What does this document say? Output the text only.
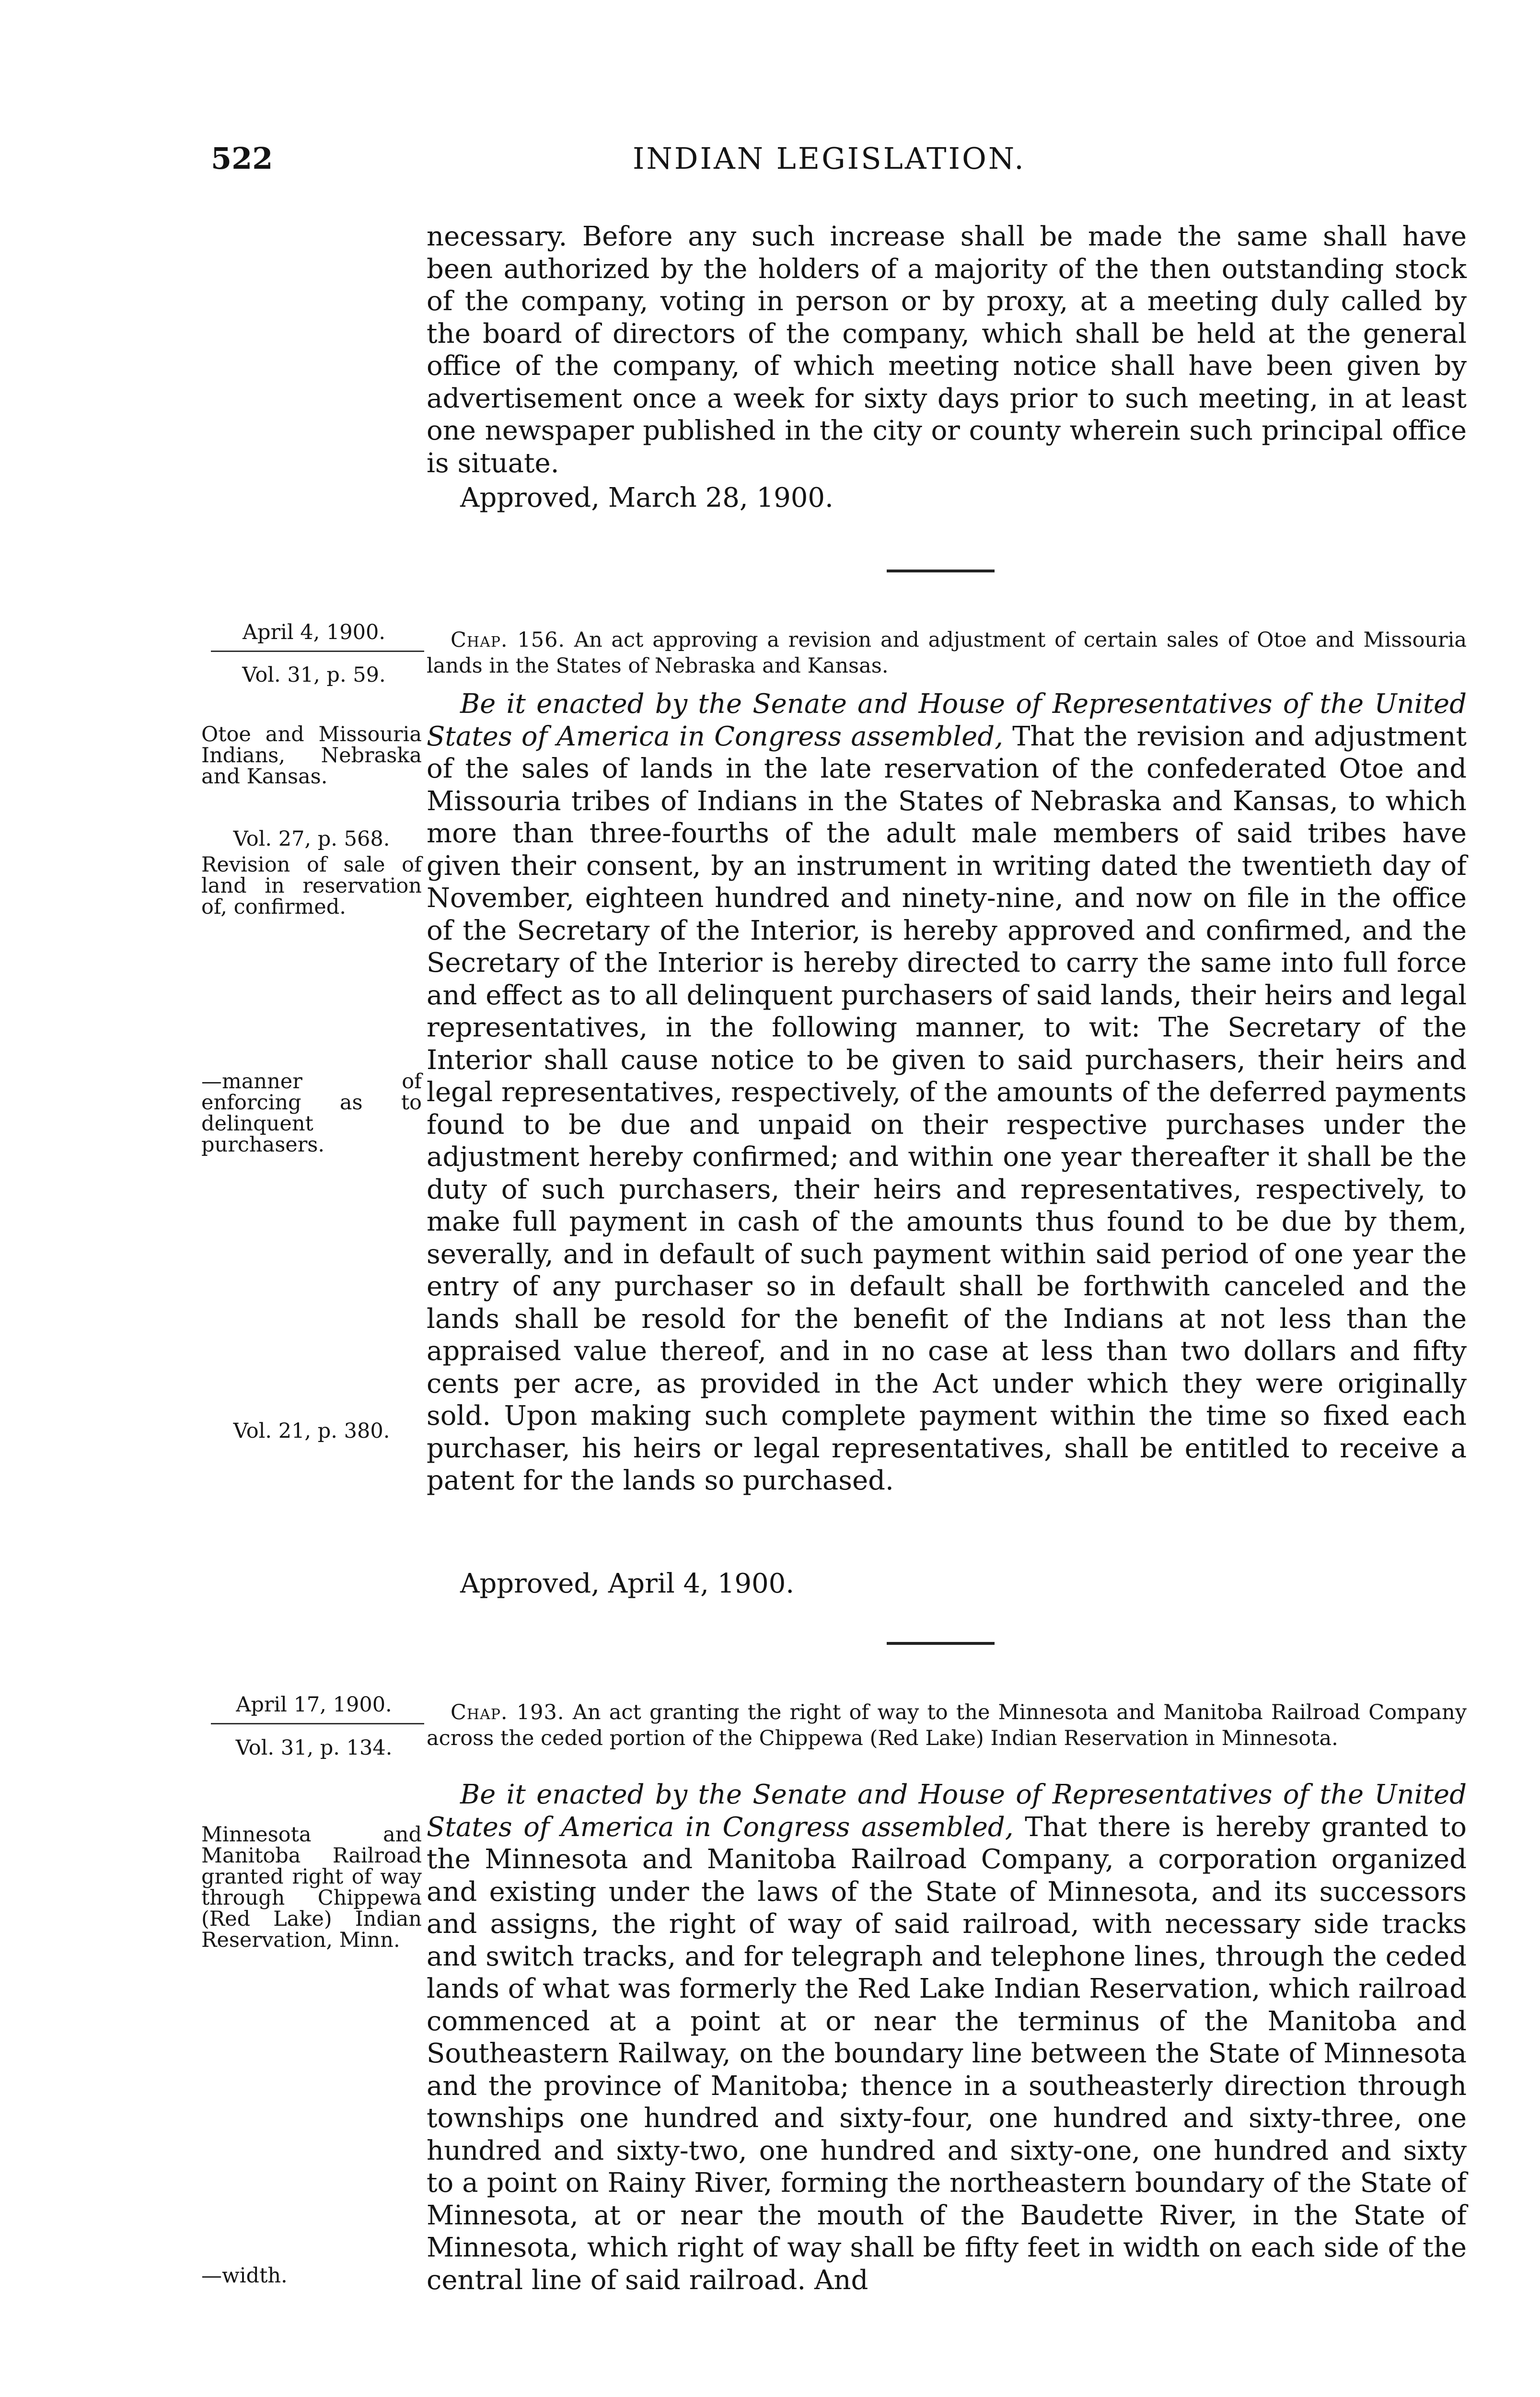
522	INDIAN LEGISLATION.

necessary. Before any such increase shall be made the same shall have been authorized by the holders of a majority of the then outstanding stock of the company, voting in person or by proxy, at a meeting duly called by the board of directors of the company, which shall be held at the general office of the company, of which meeting notice shall have been given by advertisement once a week for sixty days prior to such meeting, in at least one newspaper published in the city or county wherein such principal office is situate.

Approved, March 28, 1900.
April 4, 1900.
Vol. 31, p. 59.
Chap. 156. An act approving a revision and adjustment of certain sales of Otoe and Missouria lands in the States of Nebraska and Kansas.

Be it enacted by the Senate and House of Representatives of the United States of America in Congress assembled, That the revision and adjustment of the sales of lands in the late reservation of the confederated Otoe and Missouria tribes of Indians in the States of Nebraska and Kansas, to which more than three-fourths of the adult male members of said tribes have given their consent, by an instrument in writing dated the twentieth day of November, eighteen hundred and ninety-nine, and now on file in the office of the Secretary of the Interior, is hereby approved and confirmed, and the Secretary of the Interior is hereby directed to carry the same into full force and effect as to all delinquent purchasers of said lands, their heirs and legal representatives, in the following manner, to wit: The Secretary of the Interior shall cause notice to be given to said purchasers, their heirs and legal representatives, respectively, of the amounts of the deferred payments found to be due and unpaid on their respective purchases under the adjustment hereby confirmed; and within one year thereafter it shall be the duty of such purchasers, their heirs and representatives, respectively, to make full payment in cash of the amounts thus found to be due by them, severally, and in default of such payment within said period of one year the entry of any purchaser so in default shall be forthwith canceled and the lands shall be resold for the benefit of the Indians at not less than the appraised value thereof, and in no case at less than two dollars and fifty cents per acre, as provided in the Act under which they were originally sold. Upon making such complete payment within the time so fixed each purchaser, his heirs or legal representatives, shall be entitled to receive a patent for the lands so purchased.

Approved, April 4, 1900.
Otoe and Missouria Indians, Nebraska and Kansas.
Vol. 27, p. 568.
Revision of sale of land in reservation of, confirmed.
—manner of enforcing as to delinquent purchasers.
Vol. 21, p. 380.
April 17, 1900.
Vol. 31, p. 134.
Chap. 193. An act granting the right of way to the Minnesota and Manitoba Railroad Company across the ceded portion of the Chippewa (Red Lake) Indian Reservation in Minnesota.

Be it enacted by the Senate and House of Representatives of the United States of America in Congress assembled, That there is hereby granted to the Minnesota and Manitoba Railroad Company, a corporation organized and existing under the laws of the State of Minnesota, and its successors and assigns, the right of way of said railroad, with necessary side tracks and switch tracks, and for telegraph and telephone lines, through the ceded lands of what was formerly the Red Lake Indian Reservation, which railroad commenced at a point at or near the terminus of the Manitoba and Southeastern Railway, on the boundary line between the State of Minnesota and the province of Manitoba; thence in a southeasterly direction through townships one hundred and sixty-four, one hundred and sixty-three, one hundred and sixty-two, one hundred and sixty-one, one hundred and sixty to a point on Rainy River, forming the northeastern boundary of the State of Minnesota, at or near the mouth of the Baudette River, in the State of Minnesota, which right of way shall be fifty feet in width on each side of the central line of said railroad. And

Minnesota and Manitoba Railroad granted right of way through Chippewa (Red Lake) Indian Reservation, Minn.
—width.
